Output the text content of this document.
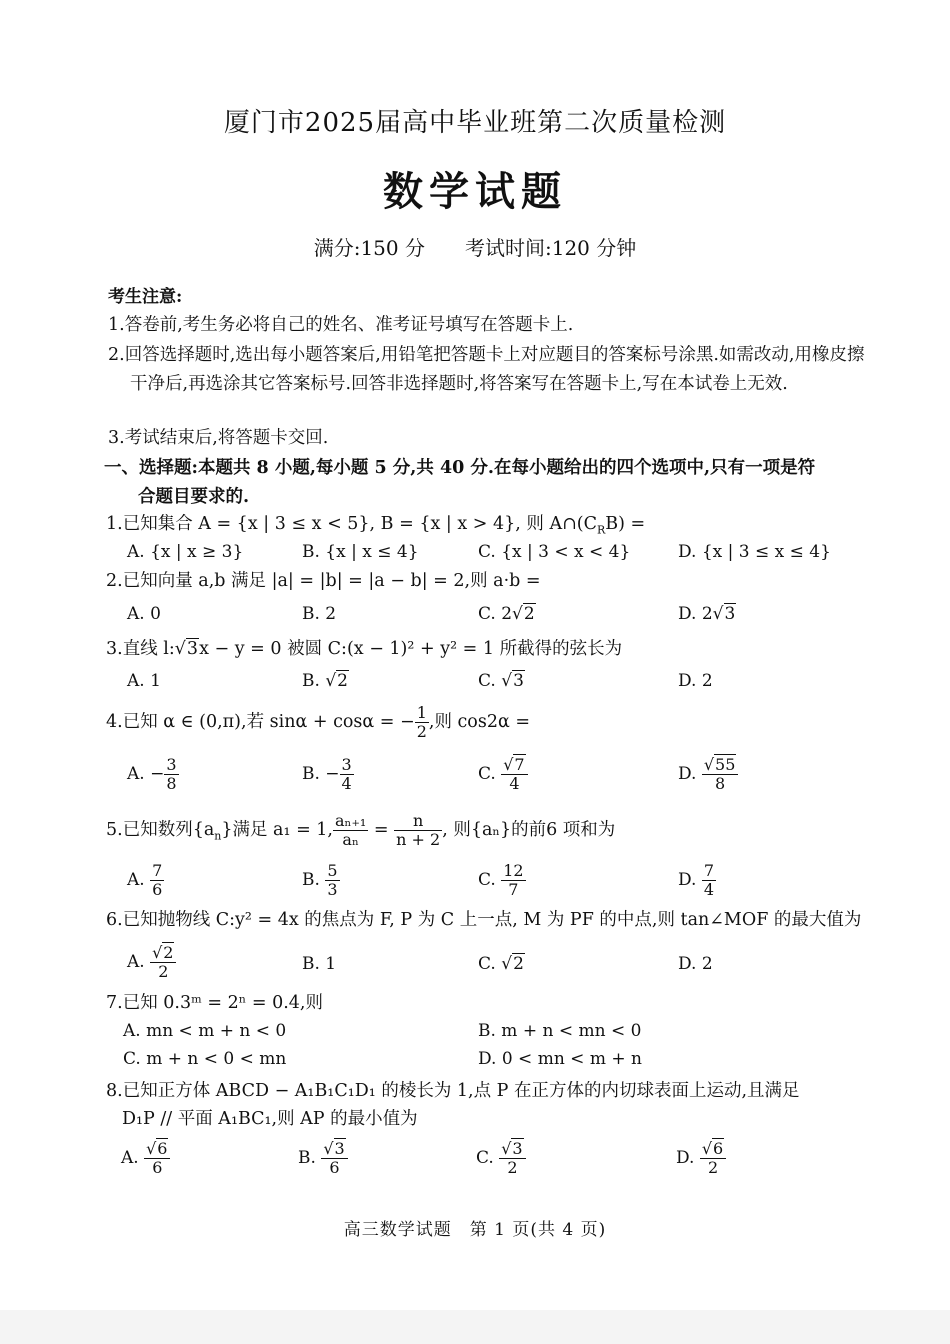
厦门市2025届高中毕业班第二次质量检测
数学试题
满分:150 分 考试时间:120 分钟
考生注意:
1.答卷前,考生务必将自己的姓名、准考证号填写在答题卡上.
2.回答选择题时,选出每小题答案后,用铅笔把答题卡上对应题目的答案标号涂黑.如需改动,用橡皮擦干净后,再选涂其它答案标号.回答非选择题时,将答案写在答题卡上,写在本试卷上无效.
3.考试结束后,将答题卡交回.
一、选择题:本题共 8 小题,每小题 5 分,共 40 分.在每小题给出的四个选项中,只有一项是符
合题目要求的.
1.已知集合 A = {x | 3 ≤ x < 5}, B = {x | x > 4}, 则 $A\cap(C_RB)$ =
A. {x | x ≥ 3}	B. {x | x ≤ 4}	C. {x | 3 < x < 4}	D. {x | 3 ≤ x ≤ 4}
2.已知向量 a,b 满足 |a| = |b| = |a − b| = 2,则 a·b =
A. 0	B. 2	C. 2√2	D. 2√3
3.直线 l:√3x − y = 0 被圆 C:(x − 1)² + y² = 1 所截得的弦长为
A. 1	B. √2	C. √3	D. 2
4.已知 α ∈ (0,π),若 sinα + cosα = − $\frac{1}{2}$ ,则 cos2α =
A. − $\frac{3}{8}$	B. − $\frac{3}{4}$	C. $\frac{√7}{4}$	D. $\frac{√55}{8}$
5.已知数列$\{a_n\}$满足 a₁ = 1, $\frac{\text{aₙ₊₁}}{\text{aₙ}} = \frac{n}{n + 2}$ , 则{aₙ}的前6 项和为
A. $\frac{7}{6}$	B. $\frac{5}{3}$	C. $\frac{12}{7}$	D. $\frac{7}{4}$
6.已知抛物线 C:y² = 4x 的焦点为 F, P 为 C 上一点, M 为 PF 的中点,则 tan∠MOF 的最大值为
A. $\frac{√2}{2}$	B. 1	C. √2	D. 2
7.已知 0.3ᵐ = 2ⁿ = 0.4,则
A. mn < m + n < 0	B. m + n < mn < 0
C. m + n < 0 < mn	D. 0 < mn < m + n
8.已知正方体 ABCD − A₁B₁C₁D₁ 的棱长为 1,点 P 在正方体的内切球表面上运动,且满足
D₁P // 平面 A₁BC₁,则 AP 的最小值为
A. $\frac{√6}{6}$	B. $\frac{√3}{6}$	C. $\frac{√3}{2}$	D. $\frac{√6}{2}$
高三数学试题 第 1 页(共 4 页)
